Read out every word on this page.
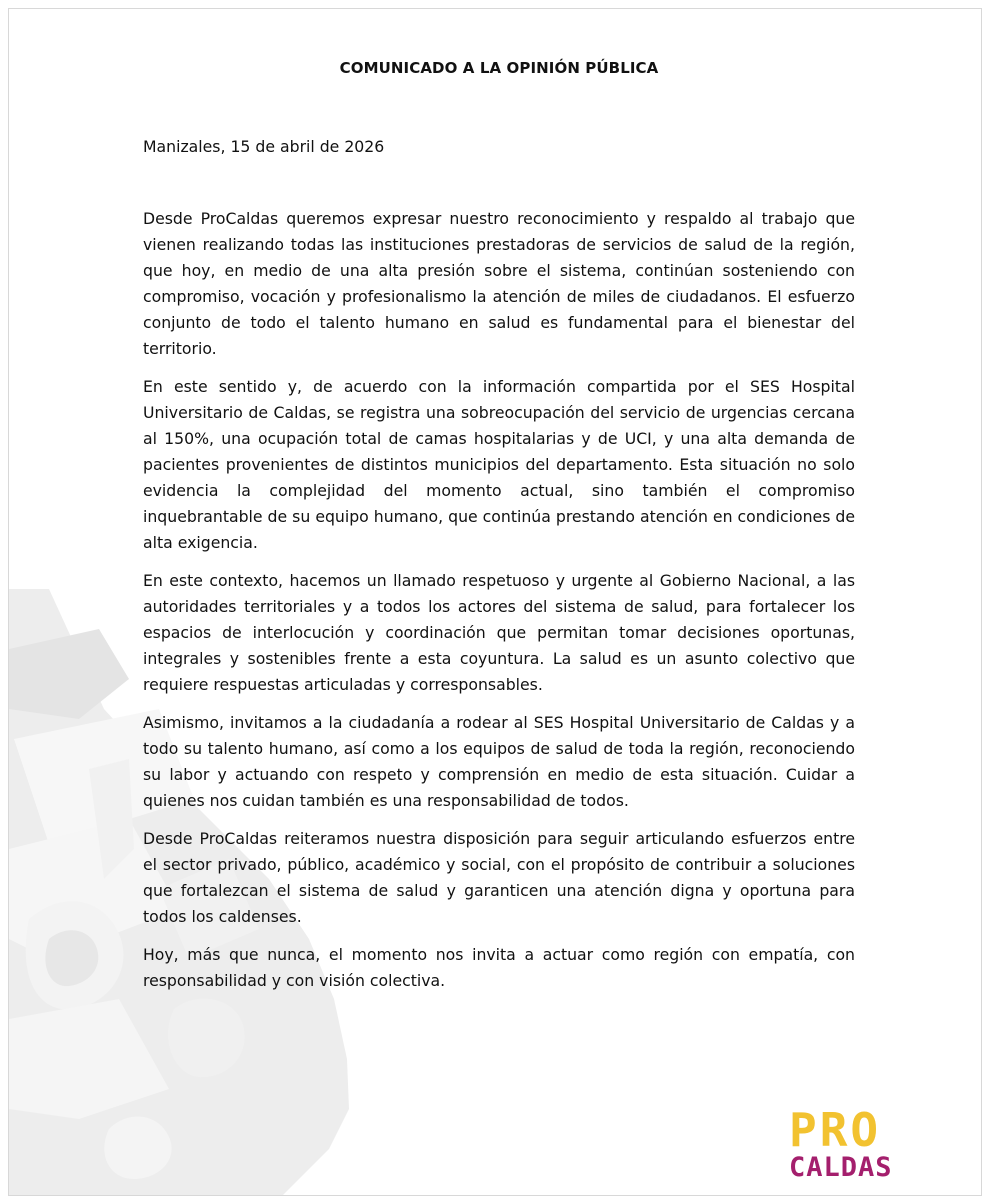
COMUNICADO A LA OPINIÓN PÚBLICA

Manizales, 15 de abril de 2026

Desde ProCaldas queremos expresar nuestro reconocimiento y respaldo al trabajo que vienen realizando todas las instituciones prestadoras de servicios de salud de la región, que hoy, en medio de una alta presión sobre el sistema, continúan sosteniendo con compromiso, vocación y profesionalismo la atención de miles de ciudadanos. El esfuerzo conjunto de todo el talento humano en salud es fundamental para el bienestar del territorio.

En este sentido y, de acuerdo con la información compartida por el SES Hospital Universitario de Caldas, se registra una sobreocupación del servicio de urgencias cercana al 150%, una ocupación total de camas hospitalarias y de UCI, y una alta demanda de pacientes provenientes de distintos municipios del departamento. Esta situación no solo evidencia la complejidad del momento actual, sino también el compromiso inquebrantable de su equipo humano, que continúa prestando atención en condiciones de alta exigencia.

En este contexto, hacemos un llamado respetuoso y urgente al Gobierno Nacional, a las autoridades territoriales y a todos los actores del sistema de salud, para fortalecer los espacios de interlocución y coordinación que permitan tomar decisiones oportunas, integrales y sostenibles frente a esta coyuntura. La salud es un asunto colectivo que requiere respuestas articuladas y corresponsables.

Asimismo, invitamos a la ciudadanía a rodear al SES Hospital Universitario de Caldas y a todo su talento humano, así como a los equipos de salud de toda la región, reconociendo su labor y actuando con respeto y comprensión en medio de esta situación. Cuidar a quienes nos cuidan también es una responsabilidad de todos.

Desde ProCaldas reiteramos nuestra disposición para seguir articulando esfuerzos entre el sector privado, público, académico y social, con el propósito de contribuir a soluciones que fortalezcan el sistema de salud y garanticen una atención digna y oportuna para todos los caldenses.

Hoy, más que nunca, el momento nos invita a actuar como región con empatía, con responsabilidad y con visión colectiva.

PRO
CALDAS
